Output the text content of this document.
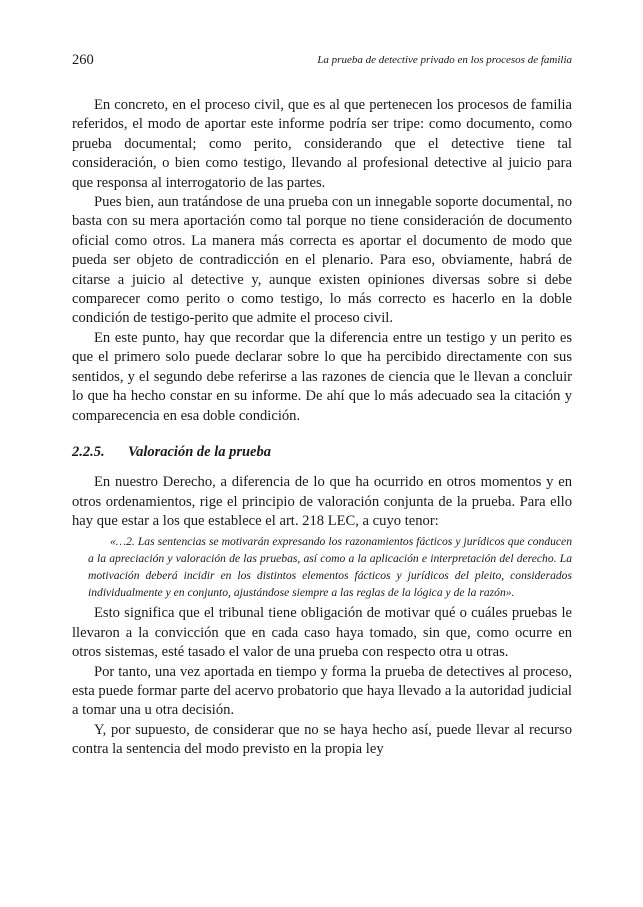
260	La prueba de detective privado en los procesos de familia

En concreto, en el proceso civil, que es al que pertenecen los procesos de familia referidos, el modo de aportar este informe podría ser tripe: como documento, como prueba documental; como perito, considerando que el detective tiene tal consideración, o bien como testigo, llevando al profesional detective al juicio para que responsa al interrogatorio de las partes.

Pues bien, aun tratándose de una prueba con un innegable soporte documental, no basta con su mera aportación como tal porque no tiene consideración de documento oficial como otros. La manera más correcta es aportar el documento de modo que pueda ser objeto de contradicción en el plenario. Para eso, obviamente, habrá de citarse a juicio al detective y, aunque existen opiniones diversas sobre si debe comparecer como perito o como testigo, lo más correcto es hacerlo en la doble condición de testigo-perito que admite el proceso civil.

En este punto, hay que recordar que la diferencia entre un testigo y un perito es que el primero solo puede declarar sobre lo que ha percibido directamente con sus sentidos, y el segundo debe referirse a las razones de ciencia que le llevan a concluir lo que ha hecho constar en su informe. De ahí que lo más adecuado sea la citación y comparecencia en esa doble condición.

2.2.5. Valoración de la prueba

En nuestro Derecho, a diferencia de lo que ha ocurrido en otros momentos y en otros ordenamientos, rige el principio de valoración conjunta de la prueba. Para ello hay que estar a los que establece el art. 218 LEC, a cuyo tenor:

«…2. Las sentencias se motivarán expresando los razonamientos fácticos y jurídicos que conducen a la apreciación y valoración de las pruebas, así como a la aplicación e interpretación del derecho. La motivación deberá incidir en los distintos elementos fácticos y jurídicos del pleito, considerados individualmente y en conjunto, ajustándose siempre a las reglas de la lógica y de la razón».

Esto significa que el tribunal tiene obligación de motivar qué o cuáles pruebas le llevaron a la convicción que en cada caso haya tomado, sin que, como ocurre en otros sistemas, esté tasado el valor de una prueba con respecto otra u otras.

Por tanto, una vez aportada en tiempo y forma la prueba de detectives al proceso, esta puede formar parte del acervo probatorio que haya llevado a la autoridad judicial a tomar una u otra decisión.

Y, por supuesto, de considerar que no se haya hecho así, puede llevar al recurso contra la sentencia del modo previsto en la propia ley
